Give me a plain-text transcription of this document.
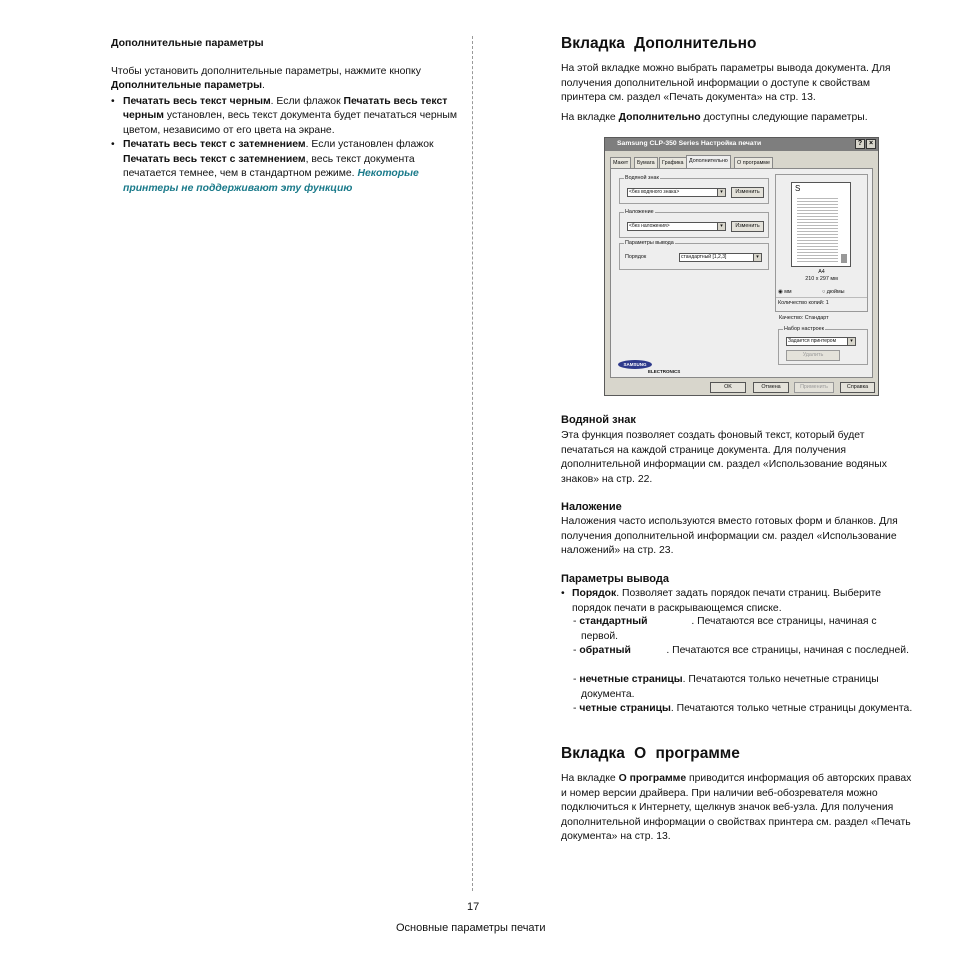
Дополнительные параметры
Чтобы установить дополнительные параметры, нажмите кнопку
Дополнительные параметры.
• Печатать весь текст черным. Если флажок Печатать весь текст черным установлен, весь текст документа будет печататься черным цветом, независимо от его цвета на экране.
• Печатать весь текст с затемнением. Если установлен флажок Печатать весь текст с затемнением, весь текст документа печатается темнее, чем в стандартном режиме. Некоторые принтеры не поддерживают эту функцию
Вкладка Дополнительно
На этой вкладке можно выбрать параметры вывода документа. Для получения дополнительной информации о доступе к свойствам принтера см. раздел «Печать документа» на стр. 13.
На вкладке Дополнительно доступны следующие параметры.
Samsung CLP-350 Series Настройка печати	? ×
Макет	Бумага	Графика	Дополнительно	О программе
Водяной знак
<без водяного знака>	▾	Изменить
Наложение
<без наложения>	▾	Изменить
Параметры вывода
Порядок	стандартный [1,2,3]	▾
S
A4
210 x 297 мм
◉ мм	○ дюймы
Количество копий: 1
Качество: Стандарт
Набор настроек
Задается принтером	▾
Удалить
SAMSUNG
ELECTRONICS
OK	Отмена	Применить	Справка
Водяной знак
Эта функция позволяет создать фоновый текст, который будет печататься на каждой странице документа. Для получения дополнительной информации см. раздел «Использование водяных знаков» на стр. 22.
Наложение
Наложения часто используются вместо готовых форм и бланков. Для получения дополнительной информации см. раздел «Использование наложений» на стр. 23.
Параметры вывода
• Порядок. Позволяет задать порядок печати страниц. Выберите порядок печати в раскрывающемся списке.
- стандартный	. Печатаются все страницы, начиная с первой.
- обратный	. Печатаются все страницы, начиная с последней.
- нечетные страницы. Печатаются только нечетные страницы документа.
- четные страницы. Печатаются только четные страницы документа.
Вкладка О программе
На вкладке О программе приводится информация об авторских правах и номер версии драйвера. При наличии веб-обозревателя можно подключиться к Интернету, щелкнув значок веб-узла. Для получения дополнительной информации о свойствах принтера см. раздел «Печать документа» на стр. 13.
17
Основные параметры печати
